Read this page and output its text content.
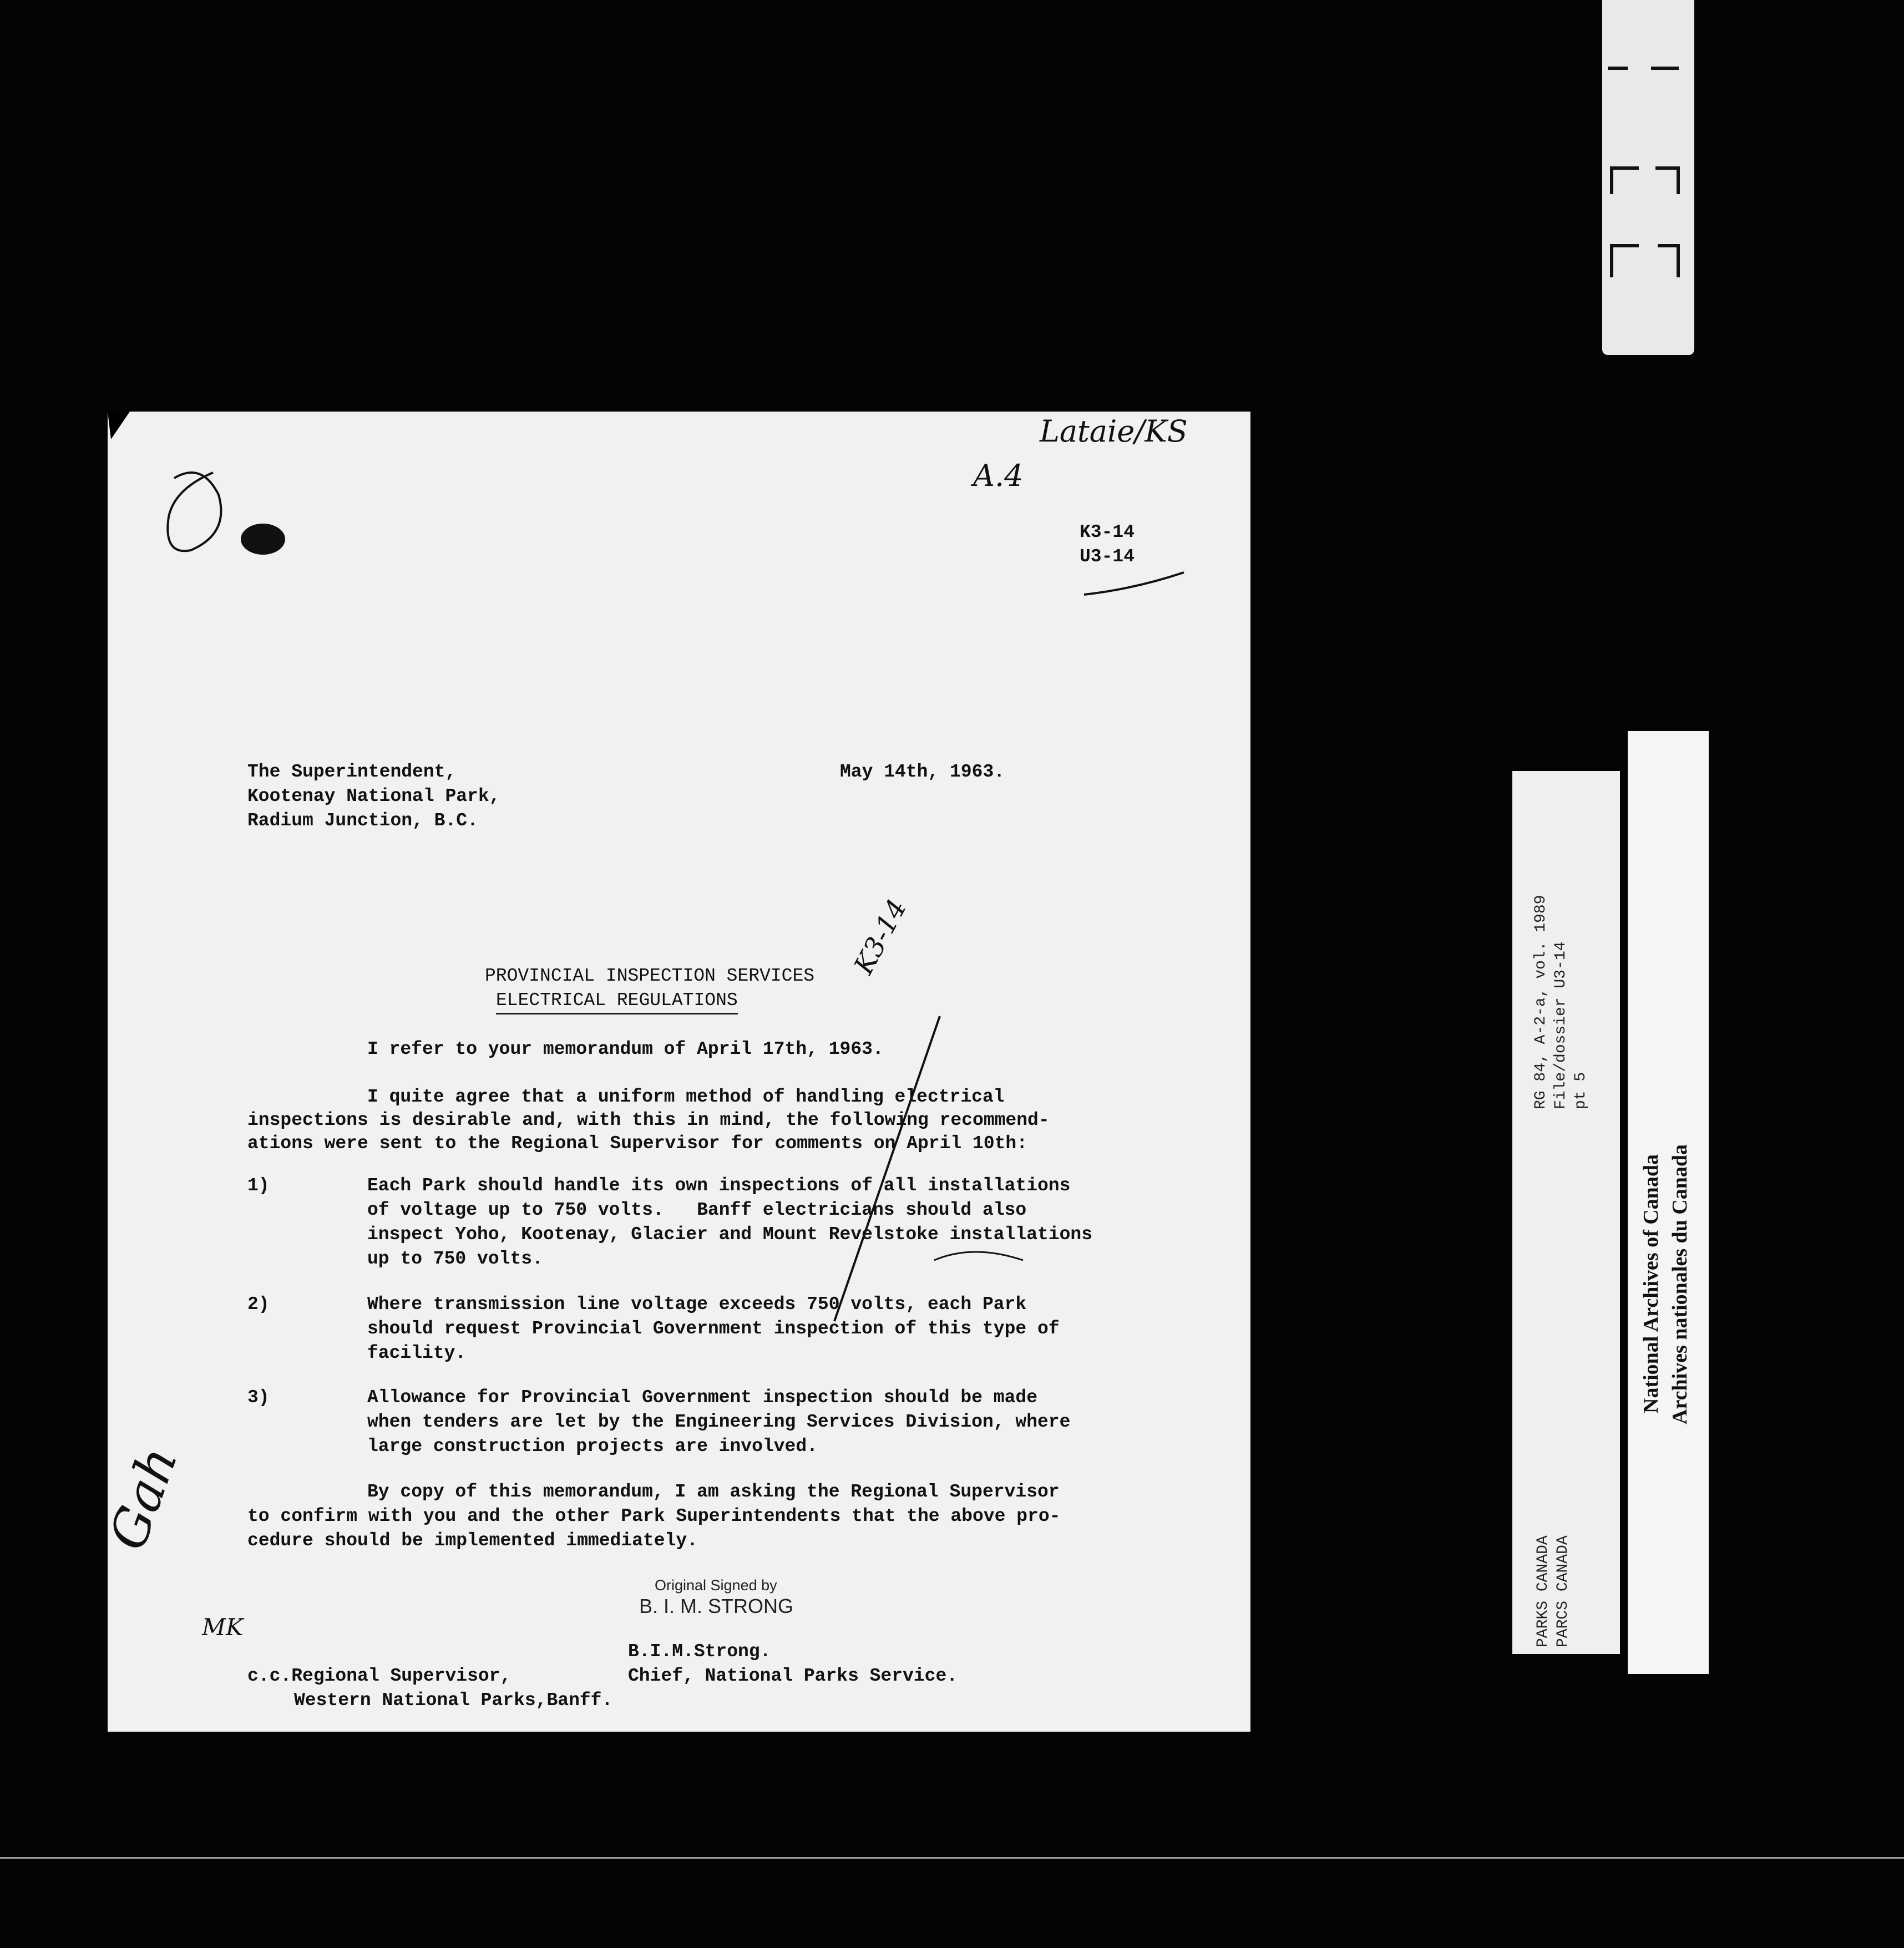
Lataie/KS
A.4
K3-14
U3-14
The Superintendent,
Kootenay National Park,
Radium Junction, B.C.
May 14th, 1963.
PROVINCIAL INSPECTION SERVICES
ELECTRICAL REGULATIONS
K3-14
I refer to your memorandum of April 17th, 1963.
I quite agree that a uniform method of handling electrical
inspections is desirable and, with this in mind, the following recommend-
ations were sent to the Regional Supervisor for comments on April 10th:
1)	Each Park should handle its own inspections of all installations
of voltage up to 750 volts.   Banff electricians should also
inspect Yoho, Kootenay, Glacier and Mount Revelstoke installations
up to 750 volts.
2)	Where transmission line voltage exceeds 750 volts, each Park
should request Provincial Government inspection of this type of
facility.
3)	Allowance for Provincial Government inspection should be made
when tenders are let by the Engineering Services Division, where
large construction projects are involved.
By copy of this memorandum, I am asking the Regional Supervisor
to confirm with you and the other Park Superintendents that the above pro-
cedure should be implemented immediately.
Original Signed by
B. I. M. STRONG
Gah
MK
B.I.M.Strong.
c.c.Regional Supervisor,	Chief, National Parks Service.
Western National Parks,Banff.
RG 84, A-2-a, vol. 1989 File/dossier U3-14 pt 5
PARKS CANADA PARCS CANADA
National Archives of Canada Archives nationales du Canada
